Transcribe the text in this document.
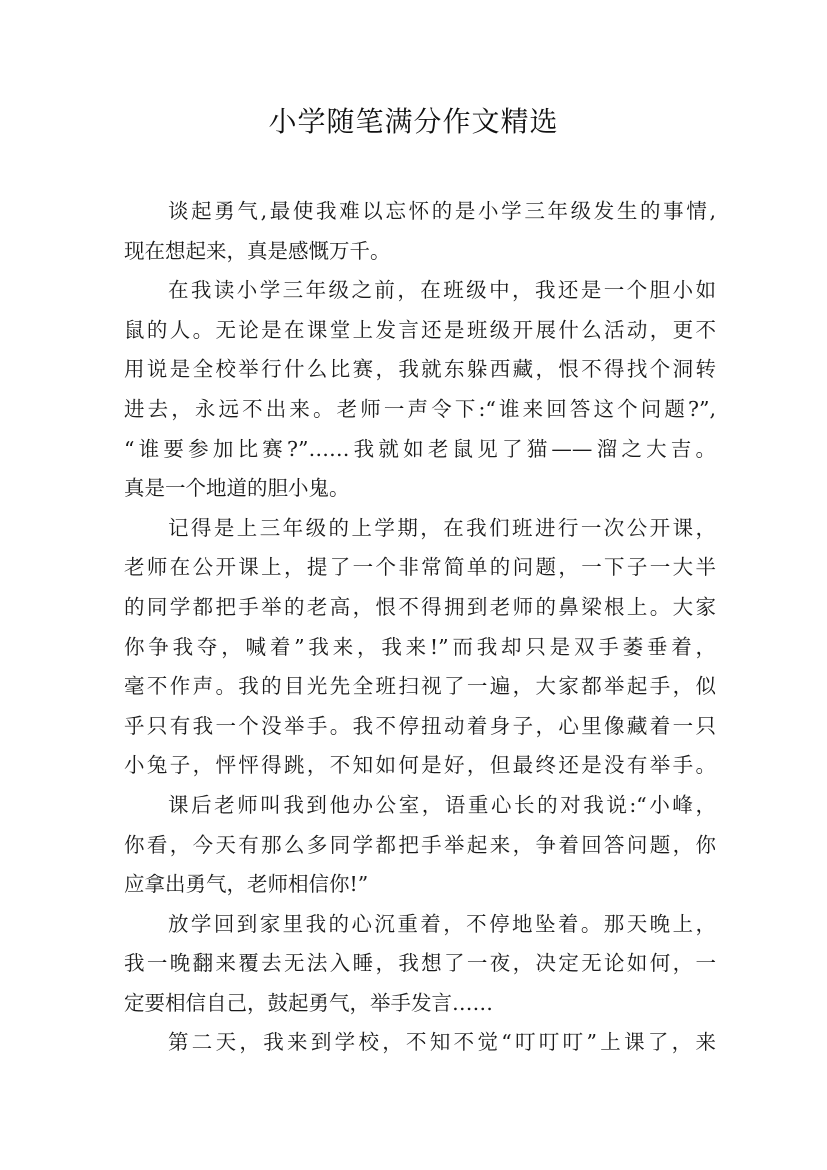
小学随笔满分作文精选
谈起勇气,最使我难以忘怀的是小学三年级发生的事情,
现在想起来，真是感慨万千。
在我读小学三年级之前，在班级中，我还是一个胆小如
鼠的人。无论是在课堂上发言还是班级开展什么活动，更不
用说是全校举行什么比赛，我就东躲西藏，恨不得找个洞转
进去，永远不出来。老师一声令下:“谁来回答这个问题?”,
“谁要参加比赛?”……我就如老鼠见了猫——溜之大吉。
真是一个地道的胆小鬼。
记得是上三年级的上学期，在我们班进行一次公开课，
老师在公开课上，提了一个非常简单的问题，一下子一大半
的同学都把手举的老高，恨不得拥到老师的鼻梁根上。大家
你争我夺，喊着”我来，我来!”而我却只是双手萎垂着，
毫不作声。我的目光先全班扫视了一遍，大家都举起手，似
乎只有我一个没举手。我不停扭动着身子，心里像藏着一只
小兔子，怦怦得跳，不知如何是好，但最终还是没有举手。
课后老师叫我到他办公室，语重心长的对我说:“小峰，
你看，今天有那么多同学都把手举起来，争着回答问题，你
应拿出勇气，老师相信你!”
放学回到家里我的心沉重着，不停地坠着。那天晚上，
我一晚翻来覆去无法入睡，我想了一夜，决定无论如何，一
定要相信自己，鼓起勇气，举手发言……
第二天，我来到学校，不知不觉“叮叮叮”上课了，来
